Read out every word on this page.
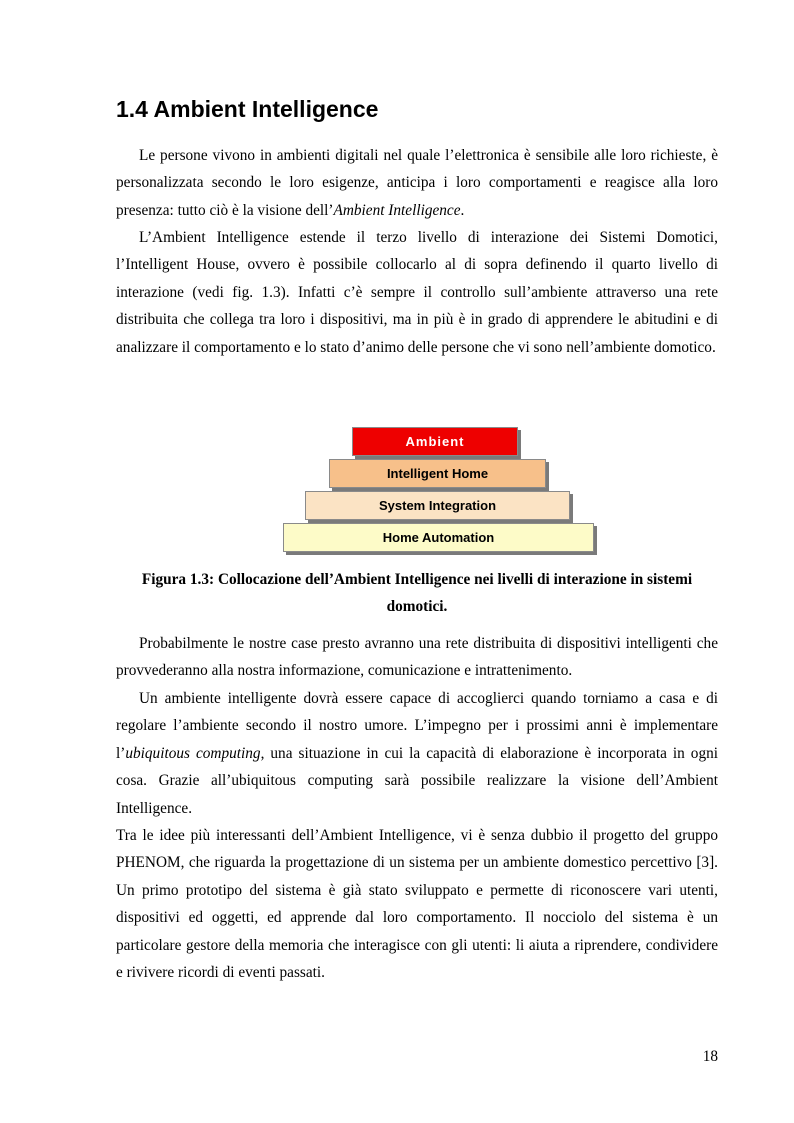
1.4 Ambient Intelligence

Le persone vivono in ambienti digitali nel quale l’elettronica è sensibile alle loro richieste, è personalizzata secondo le loro esigenze, anticipa i loro comportamenti e reagisce alla loro presenza: tutto ciò è la visione dell’Ambient Intelligence.

L’Ambient Intelligence estende il terzo livello di interazione dei Sistemi Domotici, l’Intelligent House, ovvero è possibile collocarlo al di sopra definendo il quarto livello di interazione (vedi fig. 1.3). Infatti c’è sempre il controllo sull’ambiente attraverso una rete distribuita che collega tra loro i dispositivi, ma in più è in grado di apprendere le abitudini e di analizzare il comportamento e lo stato d’animo delle persone che vi sono nell’ambiente domotico.

Ambient
Intelligent Home
System Integration
Home Automation

Figura 1.3: Collocazione dell’Ambient Intelligence nei livelli di interazione in sistemi domotici.

Probabilmente le nostre case presto avranno una rete distribuita di dispositivi intelligenti che provvederanno alla nostra informazione, comunicazione e intrattenimento.

Un ambiente intelligente dovrà essere capace di accoglierci quando torniamo a casa e di regolare l’ambiente secondo il nostro umore. L’impegno per i prossimi anni è implementare l’ubiquitous computing, una situazione in cui la capacità di elaborazione è incorporata in ogni cosa. Grazie all’ubiquitous computing sarà possibile realizzare la visione dell’Ambient Intelligence.

Tra le idee più interessanti dell’Ambient Intelligence, vi è senza dubbio il progetto del gruppo PHENOM, che riguarda la progettazione di un sistema per un ambiente domestico percettivo [3]. Un primo prototipo del sistema è già stato sviluppato e permette di riconoscere vari utenti, dispositivi ed oggetti, ed apprende dal loro comportamento. Il nocciolo del sistema è un particolare gestore della memoria che interagisce con gli utenti: li aiuta a riprendere, condividere e rivivere ricordi di eventi passati.

18
